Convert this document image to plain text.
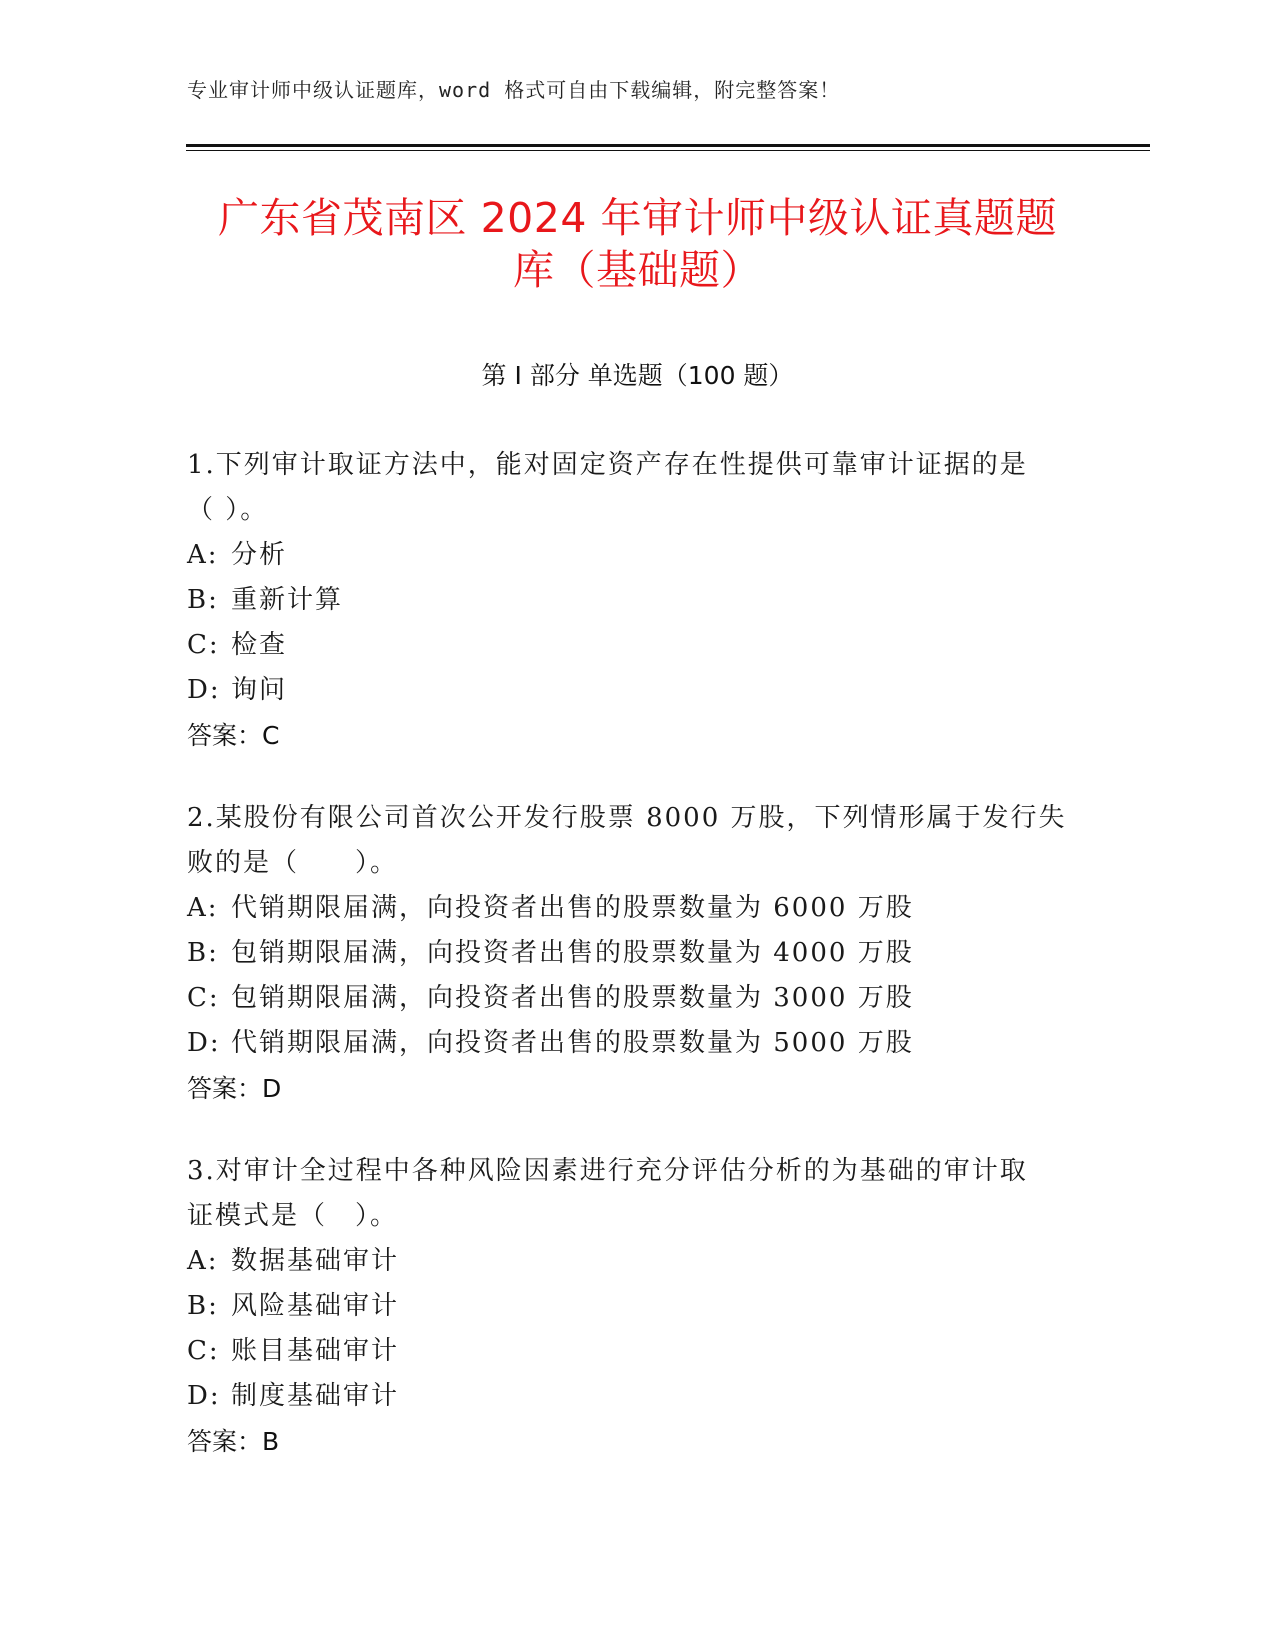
专业审计师中级认证题库，word 格式可自由下载编辑，附完整答案！
广东省茂南区 2024 年审计师中级认证真题题
库（基础题）
第 I 部分 单选题（100 题）

1.下列审计取证方法中，能对固定资产存在性提供可靠审计证据的是
（ ）。

A: 分析
B: 重新计算
C: 检查
D: 询问
答案：C

2.某股份有限公司首次公开发行股票 8000 万股，下列情形属于发行失
败的是（　　）。

A: 代销期限届满，向投资者出售的股票数量为 6000 万股
B: 包销期限届满，向投资者出售的股票数量为 4000 万股
C: 包销期限届满，向投资者出售的股票数量为 3000 万股
D: 代销期限届满，向投资者出售的股票数量为 5000 万股
答案：D

3.对审计全过程中各种风险因素进行充分评估分析的为基础的审计取
证模式是（　）。

A: 数据基础审计
B: 风险基础审计
C: 账目基础审计
D: 制度基础审计
答案：B
